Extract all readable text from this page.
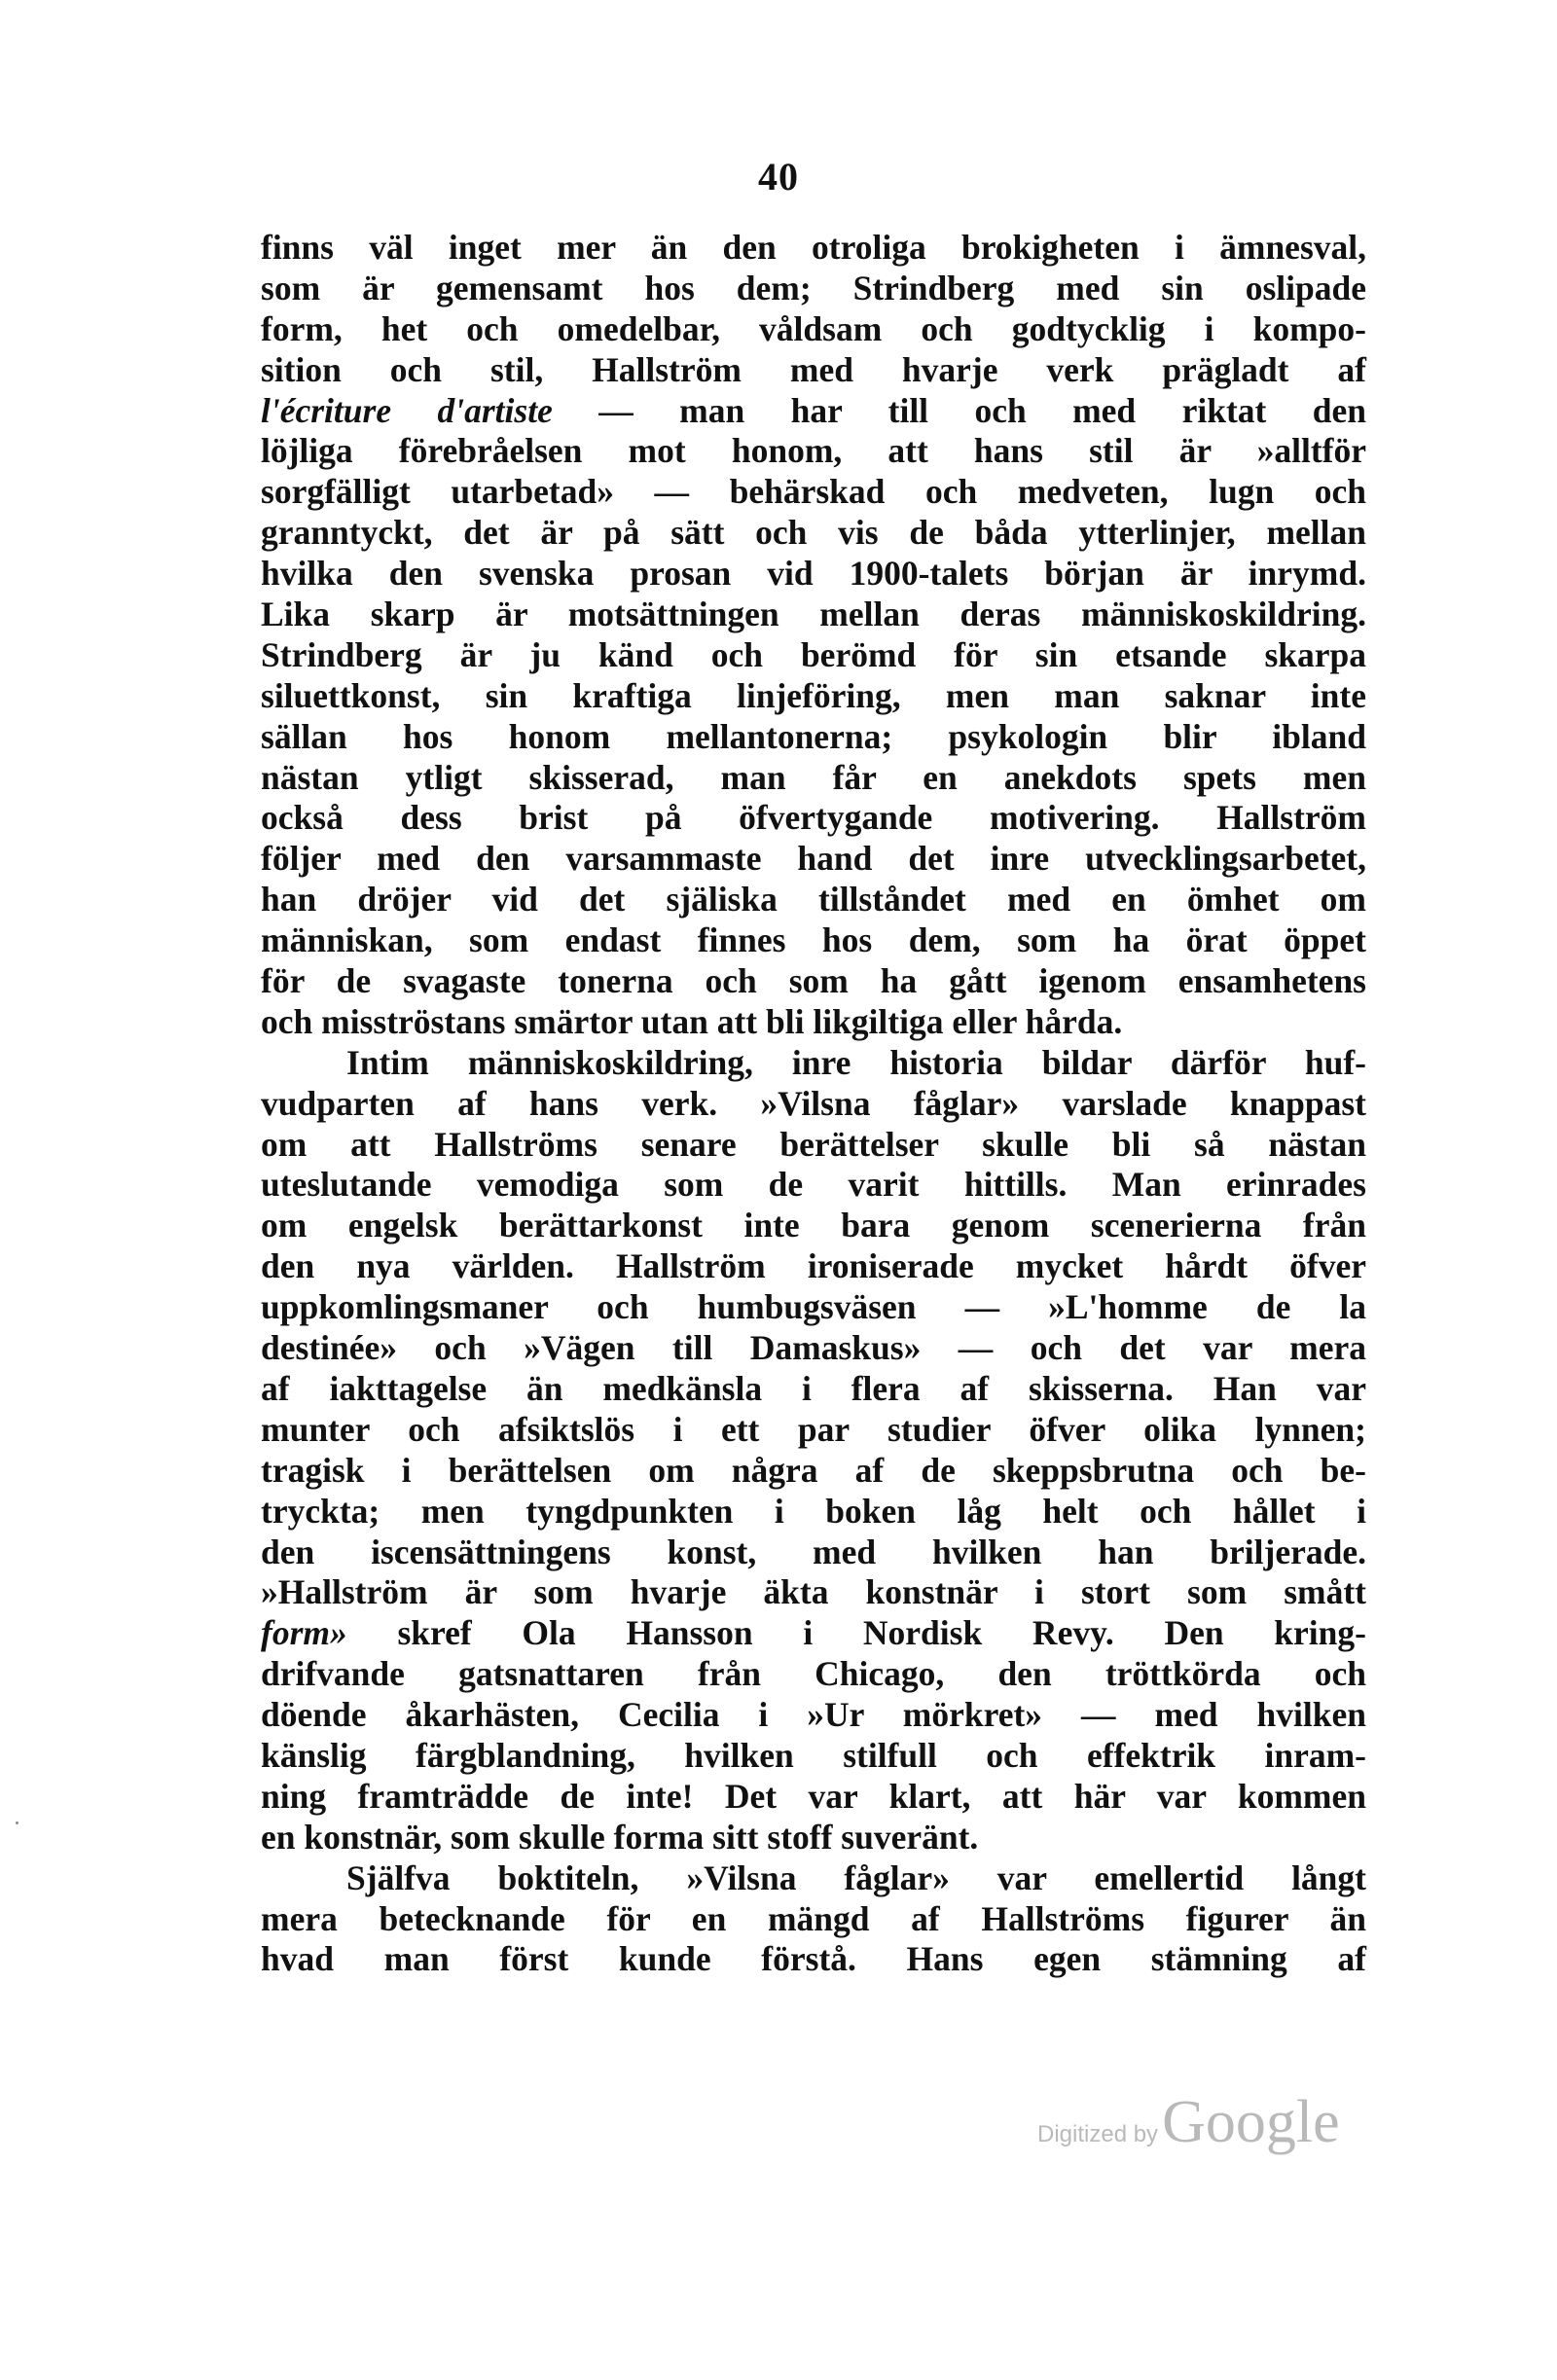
40
finns väl inget mer än den otroliga brokigheten i ämnesval,
som är gemensamt hos dem; Strindberg med sin oslipade
form, het och omedelbar, våldsam och godtycklig i kompo-
sition och stil, Hallström med hvarje verk prägladt af
l'écriture d'artiste — man har till och med riktat den
löjliga förebråelsen mot honom, att hans stil är »alltför
sorgfälligt utarbetad» — behärskad och medveten, lugn och
granntyckt, det är på sätt och vis de båda ytterlinjer, mellan
hvilka den svenska prosan vid 1900-talets början är inrymd.
Lika skarp är motsättningen mellan deras människoskildring.
Strindberg är ju känd och berömd för sin etsande skarpa
siluettkonst, sin kraftiga linjeföring, men man saknar inte
sällan hos honom mellantonerna; psykologin blir ibland
nästan ytligt skisserad, man får en anekdots spets men
också dess brist på öfvertygande motivering. Hallström
följer med den varsammaste hand det inre utvecklingsarbetet,
han dröjer vid det själiska tillståndet med en ömhet om
människan, som endast finnes hos dem, som ha örat öppet
för de svagaste tonerna och som ha gått igenom ensamhetens
och misströstans smärtor utan att bli likgiltiga eller hårda.
Intim människoskildring, inre historia bildar därför huf-
vudparten af hans verk. »Vilsna fåglar» varslade knappast
om att Hallströms senare berättelser skulle bli så nästan
uteslutande vemodiga som de varit hittills. Man erinrades
om engelsk berättarkonst inte bara genom scenerierna från
den nya världen. Hallström ironiserade mycket hårdt öfver
uppkomlingsmaner och humbugsväsen — »L'homme de la
destinée» och »Vägen till Damaskus» — och det var mera
af iakttagelse än medkänsla i flera af skisserna. Han var
munter och afsiktslös i ett par studier öfver olika lynnen;
tragisk i berättelsen om några af de skeppsbrutna och be-
tryckta; men tyngdpunkten i boken låg helt och hållet i
den iscensättningens konst, med hvilken han briljerade.
»Hallström är som hvarje äkta konstnär i stort som smått
form» skref Ola Hansson i Nordisk Revy. Den kring-
drifvande gatsnattaren från Chicago, den tröttkörda och
döende åkarhästen, Cecilia i »Ur mörkret» — med hvilken
känslig färgblandning, hvilken stilfull och effektrik inram-
ning framträdde de inte! Det var klart, att här var kommen
en konstnär, som skulle forma sitt stoff suveränt.
Själfva boktiteln, »Vilsna fåglar» var emellertid långt
mera betecknande för en mängd af Hallströms figurer än
hvad man först kunde förstå. Hans egen stämning af
Digitized by Google
